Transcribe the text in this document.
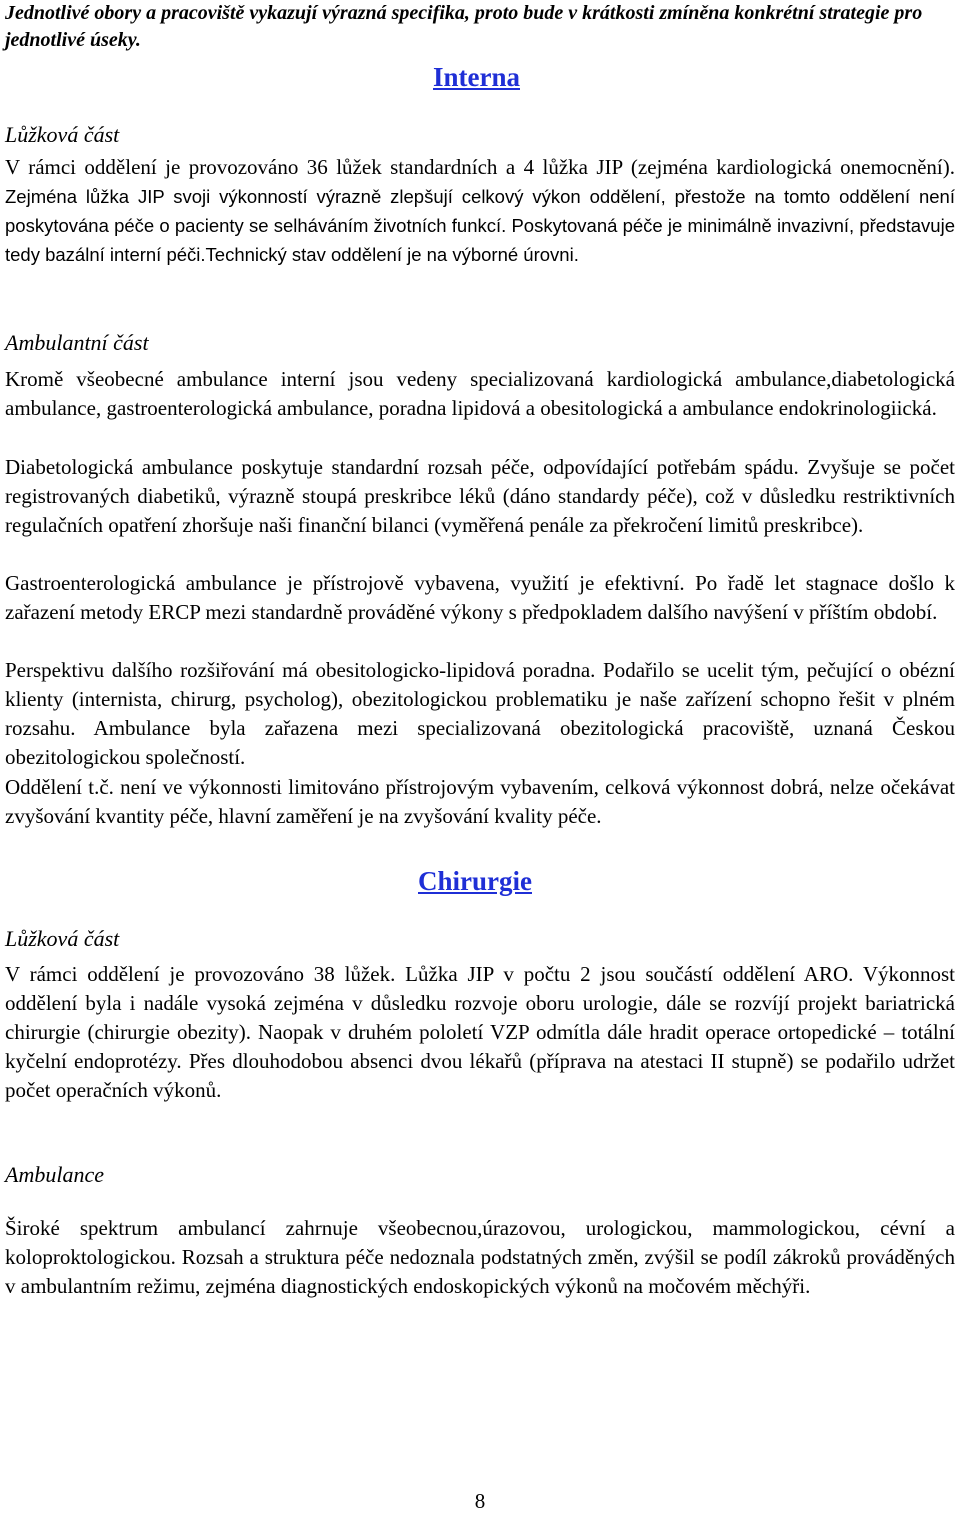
Jednotlivé obory a pracoviště vykazují výrazná specifika, proto bude v krátkosti zmíněna konkrétní strategie pro jednotlivé úseky.

Interna
Lůžková část

V rámci oddělení je provozováno 36 lůžek standardních a 4 lůžka JIP (zejména kardiologická onemocnění). Zejména lůžka JIP svoji výkonností výrazně zlepšují celkový výkon oddělení, přestože na tomto oddělení není poskytována péče o pacienty se selháváním životních funkcí. Poskytovaná péče je minimálně invazivní, představuje tedy bazální interní péči.Technický stav oddělení je na výborné úrovni.

Ambulantní část

Kromě všeobecné ambulance interní jsou vedeny specializovaná kardiologická ambulance,diabetologická ambulance, gastroenterologická ambulance, poradna lipidová a obesitologická a ambulance endokrinologiická.

Diabetologická ambulance poskytuje standardní rozsah péče, odpovídající potřebám spádu. Zvyšuje se počet registrovaných diabetiků, výrazně stoupá preskribce léků (dáno standardy péče), což v důsledku restriktivních regulačních opatření zhoršuje naši finanční bilanci (vyměřená penále za překročení limitů preskribce).

Gastroenterologická ambulance je přístrojově vybavena, využití je efektivní. Po řadě let stagnace došlo k zařazení metody ERCP mezi standardně prováděné výkony s předpokladem dalšího navýšení v příštím období.

Perspektivu dalšího rozšiřování má obesitologicko-lipidová poradna. Podařilo se ucelit tým, pečující o obézní klienty (internista, chirurg, psycholog), obezitologickou problematiku je naše zařízení schopno řešit v plném rozsahu. Ambulance byla zařazena mezi specializovaná obezitologická pracoviště, uznaná Českou obezitologickou společností.

Oddělení t.č. není ve výkonnosti limitováno přístrojovým vybavením, celková výkonnost dobrá, nelze očekávat zvyšování kvantity péče, hlavní zaměření je na zvyšování kvality péče.

Chirurgie
Lůžková část

V rámci oddělení je provozováno 38 lůžek. Lůžka JIP v počtu 2 jsou součástí oddělení ARO. Výkonnost oddělení byla i nadále vysoká zejména v důsledku rozvoje oboru urologie, dále se rozvíjí projekt bariatrická chirurgie (chirurgie obezity). Naopak v druhém pololetí VZP odmítla dále hradit operace ortopedické – totální kyčelní endoprotézy. Přes dlouhodobou absenci dvou lékařů (příprava na atestaci II stupně) se podařilo udržet počet operačních výkonů.

Ambulance

Široké spektrum ambulancí zahrnuje všeobecnou,úrazovou, urologickou, mammologickou, cévní a koloproktologickou. Rozsah a struktura péče nedoznala podstatných změn, zvýšil se podíl zákroků prováděných v ambulantním režimu, zejména diagnostických endoskopických výkonů na močovém měchýři.

8
